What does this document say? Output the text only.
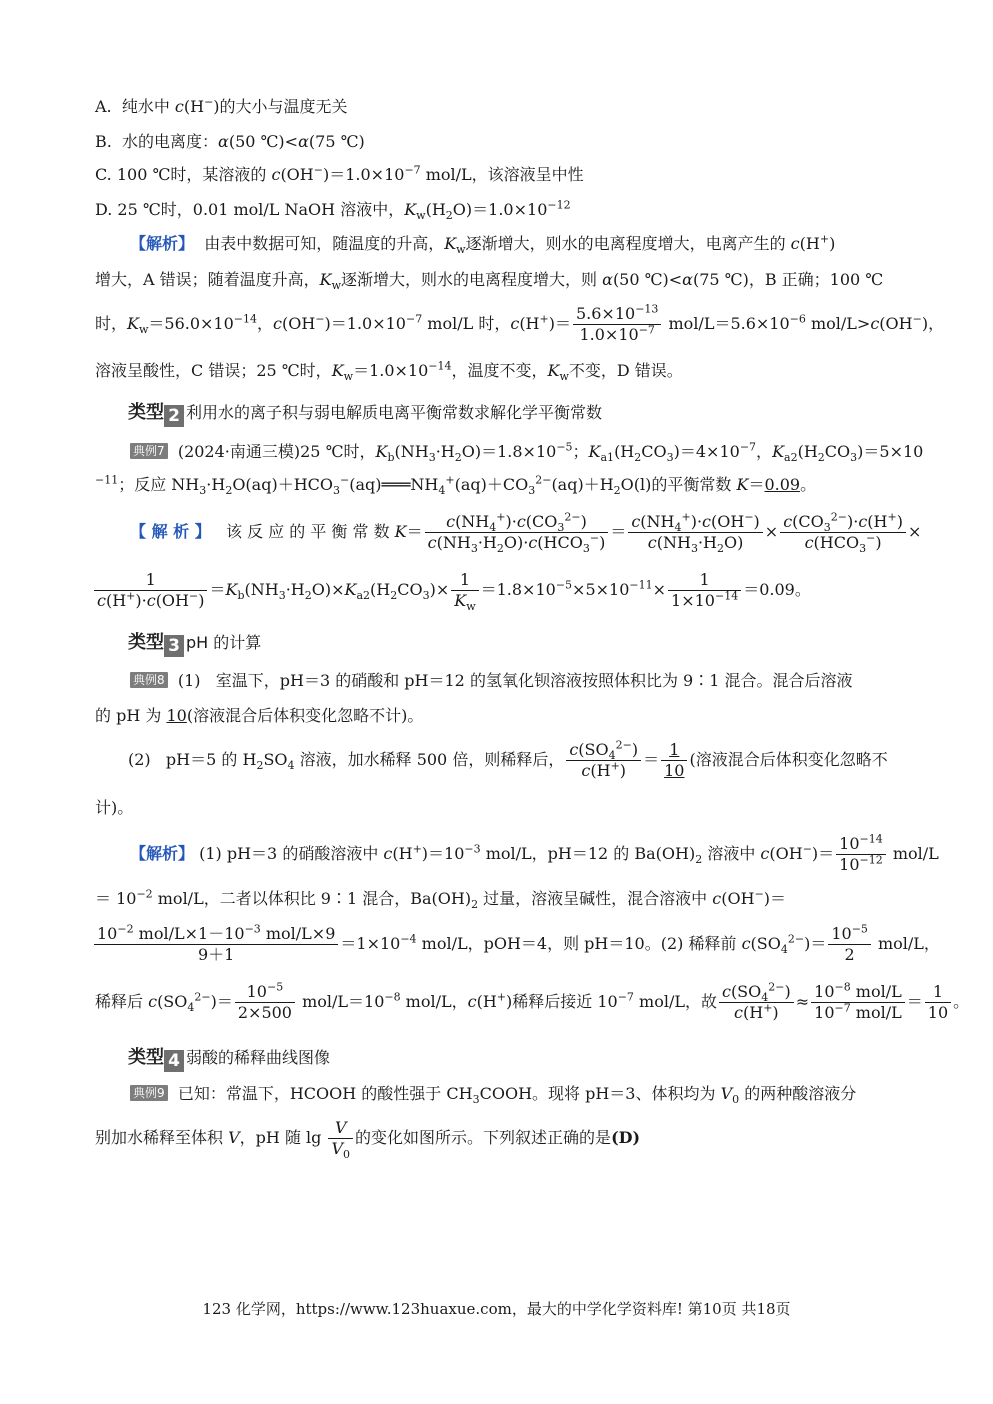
A.  纯水中 c(H−)的大小与温度无关
B.  水的电离度：α(50 ℃)<α(75 ℃)
C. 100 ℃时，某溶液的 $c(OH^-)=1.0\times 10^{-7}$ mol/L，该溶液呈中性
D. 25 ℃时，0.01 mol/L NaOH 溶液中，$K_w(H_2O)=1.0\times 10^{-12}$
【解析】  由表中数据可知，随温度的升高，$K_w$逐渐增大，则水的电离程度增大，电离产生的 c(H+)
增大，A 错误；随着温度升高，$K_w$逐渐增大，则水的电离程度增大，则 α(50 ℃)<α(75 ℃)，B 正确；100 ℃
时，$K_w=56.0\times 10^{-14}$，$c(OH^-)=1.0\times 10^{-7}$ mol/L 时，$c(H^+)= \frac{5.6\times 10^{-13}}{1.0\times 10^{-7}} mol/L=5.6\times 10^{-6}$ mol/L>c(OH−)，
溶液呈酸性，C 错误；25 ℃时，$K_w=1.0\times 10^{-14}$，温度不变，$K_w$不变，D 错误。
类型 2 利用水的离子积与弱电解质电离平衡常数求解化学平衡常数
典例7 (2024·南通三模)25 ℃时，$K_b(NH_3\cdot H_2O)=1.8\times 10^{-5}$；$K_{a1}(H_2CO_3)=4\times 10^{-7}$，$K_{a2}(H_2CO_3)=5\times 10$
$^{-11}$；反应 $NH_3\cdot H_2O(aq)+HCO_3^-(aq)═══NH_4^+(aq)+CO_3^{2-}(aq)+H_2O(l)$的平衡常数 K＝0.09。
【 解 析 】   该 反 应 的 平 衡 常 数 $K= \frac{c(NH_4^+)\cdot c(CO_3^{2-})}{c(NH_3\cdot H_2O)\cdot c(HCO_3^-)} = \frac{c(NH_4^+)\cdot c(OH^-)}{c(NH_3\cdot H_2O)} \times \frac{c(CO_3^{2-})\cdot c(H^+)}{c(HCO_3^-)}$ ×
$\frac{1}{c(H^+)\cdot c(OH^-)} =K_b(NH_3\cdot H_2O)\times K_{a2}(H_2CO_3)\times \frac{1}{K_w} =1.8\times 10^{-5}\times 5\times 10^{-11}\times \frac{1}{1\times 10^{-14}} =0.09$。
类型 3 pH 的计算
典例8  (1)   室温下，pH＝3 的硝酸和 pH＝12 的氢氧化钡溶液按照体积比为 9∶1 混合。混合后溶液
的 pH 为 10(溶液混合后体积变化忽略不计)。
(2)   pH＝5 的 $H_2SO_4$ 溶液，加水稀释 500 倍，则稀释后， $\frac{c(SO_4^{2-})}{c(H^+)} = \frac{1}{10}$ (溶液混合后体积变化忽略不
计)。
【解析】 (1) pH＝3 的硝酸溶液中 $c(H^+)=10^{-3}$ mol/L，pH＝12 的 $Ba(OH)_2$ 溶液中 $c(OH^-)= \frac{10^{-14}}{10^{-12}} mol/L$
＝ $10^{-2}$ mol/L，二者以体积比 9∶1 混合，$Ba(OH)_2$ 过量，溶液呈碱性，混合溶液中 c(OH−)＝
$\frac{10^{-2} mol/L\times 1-10^{-3} mol/L\times 9}{9+1} =1\times 10^{-4}$ mol/L，pOH＝4，则 pH＝10。(2) 稀释前 $c(SO_4^{2-})= \frac{10^{-5}}{2} mol/L$，
稀释后 $c(SO_4^{2-})= \frac{10^{-5}}{2\times 500} mol/L=10^{-8}$ mol/L，c(H+)稀释后接近 $10^{-7}$ mol/L，故 $\frac{c(SO_4^{2-})}{c(H^+)} \approx \frac{10^{-8} mol/L}{10^{-7} mol/L} = \frac{1}{10}$ 。
类型 4 弱酸的稀释曲线图像
典例9  已知：常温下，HCOOH 的酸性强于 $CH_3COOH$。现将 pH＝3、体积均为 $V_0$ 的两种酸溶液分
别加水稀释至体积 V，pH 随 $\lg \frac{V}{V_0}$ 的变化如图所示。下列叙述正确的是(D)
123 化学网，https://www.123huaxue.com，最大的中学化学资料库! 第10页 共18页
